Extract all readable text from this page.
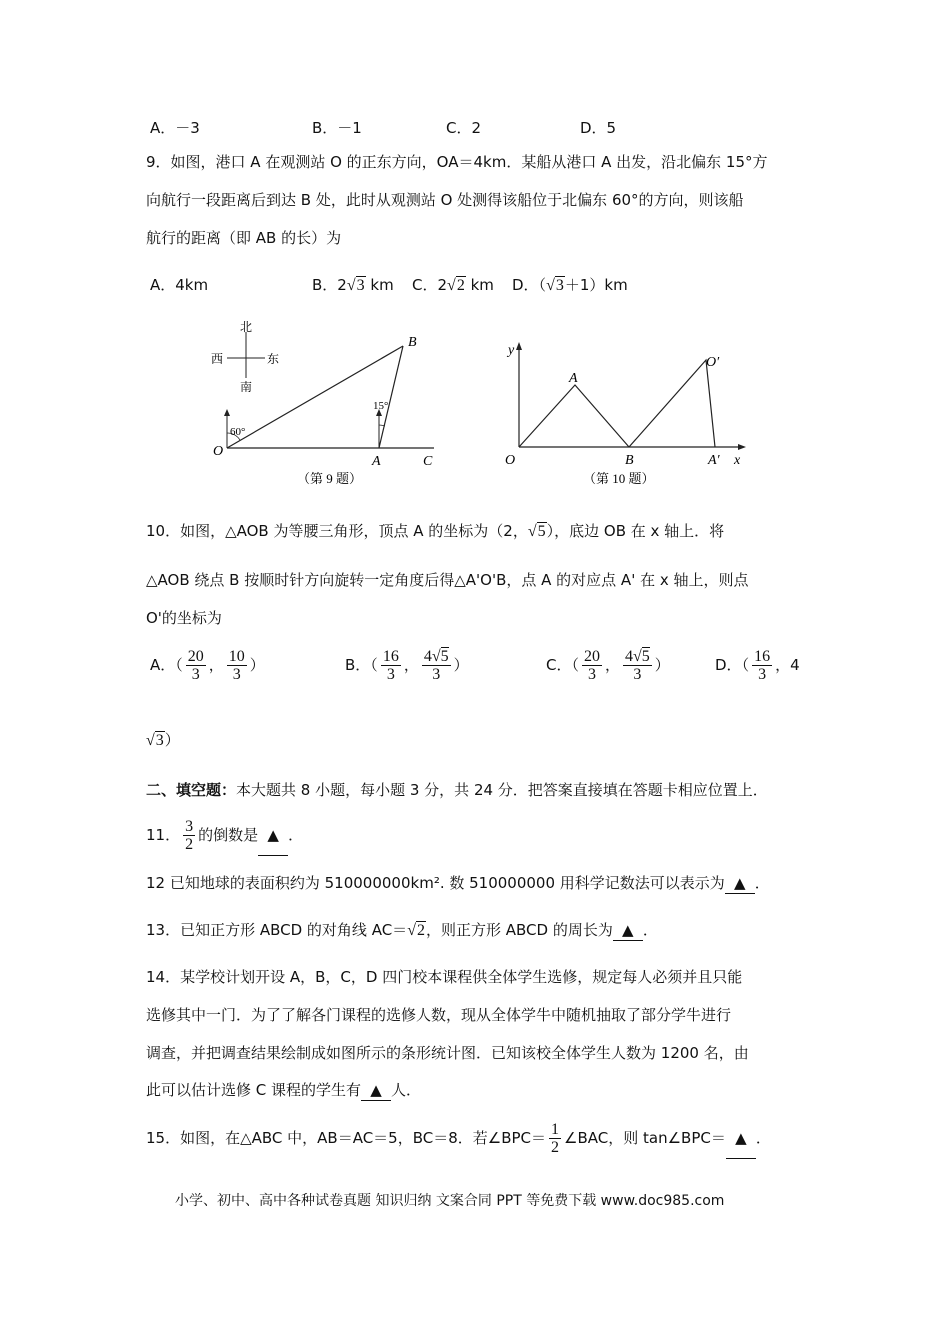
A．－3	B．－1	C．2	D．5
9．如图，港口 A 在观测站 O 的正东方向，OA＝4km．某船从港口 A 出发，沿北偏东 15°方
向航行一段距离后到达 B 处，此时从观测站 O 处测得该船位于北偏东 60°的方向，则该船
航行的距离（即 AB 的长）为
A．4km	B．2√3 km C．2√2 km D．（√3＋1）km
北
南
西	东
60°
15°
O
A
B
C
（第 9 题）
y
x
O
A
B	A′
O′
（第 10 题）
10．如图，△AOB 为等腰三角形，顶点 A 的坐标为（2，√5），底边 OB 在 x 轴上．将
△AOB 绕点 B 按顺时针方向旋转一定角度后得△A'O'B，点 A 的对应点 A' 在 x 轴上，则点
O'的坐标为
A．（ $\frac{20}{3}$ ， $\frac{10}{3}$ ）	B．（ $\frac{16}{3}$ ， $\frac{4√5}{3}$ ）	C．（ $\frac{20}{3}$ ， $\frac{4√5}{3}$ ）	D．（ $\frac{16}{3}$ ，4
√3）
二、填空题：本大题共 8 小题，每小题 3 分，共 24 分．把答案直接填在答题卡相应位置上．
11． $\frac{3}{2}$ 的倒数是 ▲ ．
12 已知地球的表面积约为 510000000km². 数 510000000 用科学记数法可以表示为 ▲ ．
13．已知正方形 ABCD 的对角线 AC＝√2，则正方形 ABCD 的周长为 ▲ ．
14．某学校计划开设 A，B，C，D 四门校本课程供全体学生选修，规定每人必须并且只能
选修其中一门．为了了解各门课程的选修人数，现从全体学牛中随机抽取了部分学牛进行
调查，并把调查结果绘制成如图所示的条形统计图．已知该校全体学生人数为 1200 名，由
此可以估计选修 C 课程的学生有 ▲ 人．
15．如图，在△ABC 中，AB＝AC＝5，BC＝8．若∠BPC＝ $\frac{1}{2}$ ∠BAC，则 tan∠BPC＝ ▲ ．
小学、初中、高中各种试卷真题 知识归纳 文案合同 PPT 等免费下载 www.doc985.com
